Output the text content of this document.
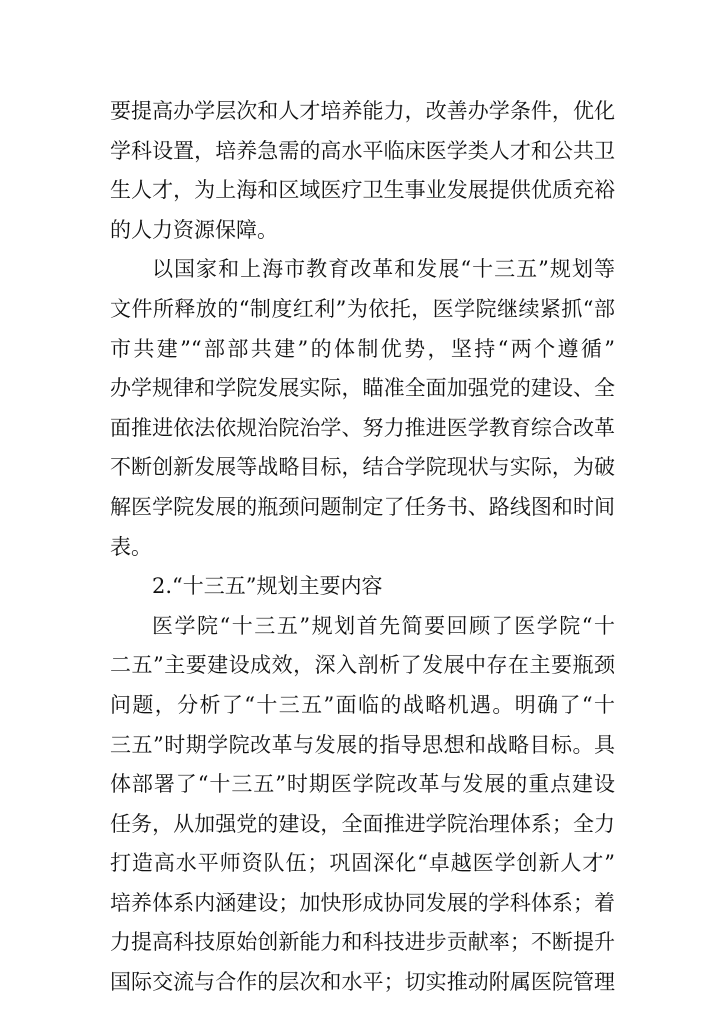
要提高办学层次和人才培养能力，改善办学条件，优化
学科设置，培养急需的高水平临床医学类人才和公共卫
生人才，为上海和区域医疗卫生事业发展提供优质充裕
的人力资源保障。
以国家和上海市教育改革和发展“十三五”规划等
文件所释放的“制度红利”为依托，医学院继续紧抓“部
市共建”“部部共建”的体制优势，坚持“两个遵循”
办学规律和学院发展实际，瞄准全面加强党的建设、全
面推进依法依规治院治学、努力推进医学教育综合改革
不断创新发展等战略目标，结合学院现状与实际，为破
解医学院发展的瓶颈问题制定了任务书、路线图和时间
表。
2.“十三五”规划主要内容
医学院“十三五”规划首先简要回顾了医学院“十
二五”主要建设成效，深入剖析了发展中存在主要瓶颈
问题，分析了“十三五”面临的战略机遇。明确了“十
三五”时期学院改革与发展的指导思想和战略目标。具
体部署了“十三五”时期医学院改革与发展的重点建设
任务，从加强党的建设，全面推进学院治理体系；全力
打造高水平师资队伍；巩固深化“卓越医学创新人才”
培养体系内涵建设；加快形成协同发展的学科体系；着
力提高科技原始创新能力和科技进步贡献率；不断提升
国际交流与合作的层次和水平；切实推动附属医院管理
